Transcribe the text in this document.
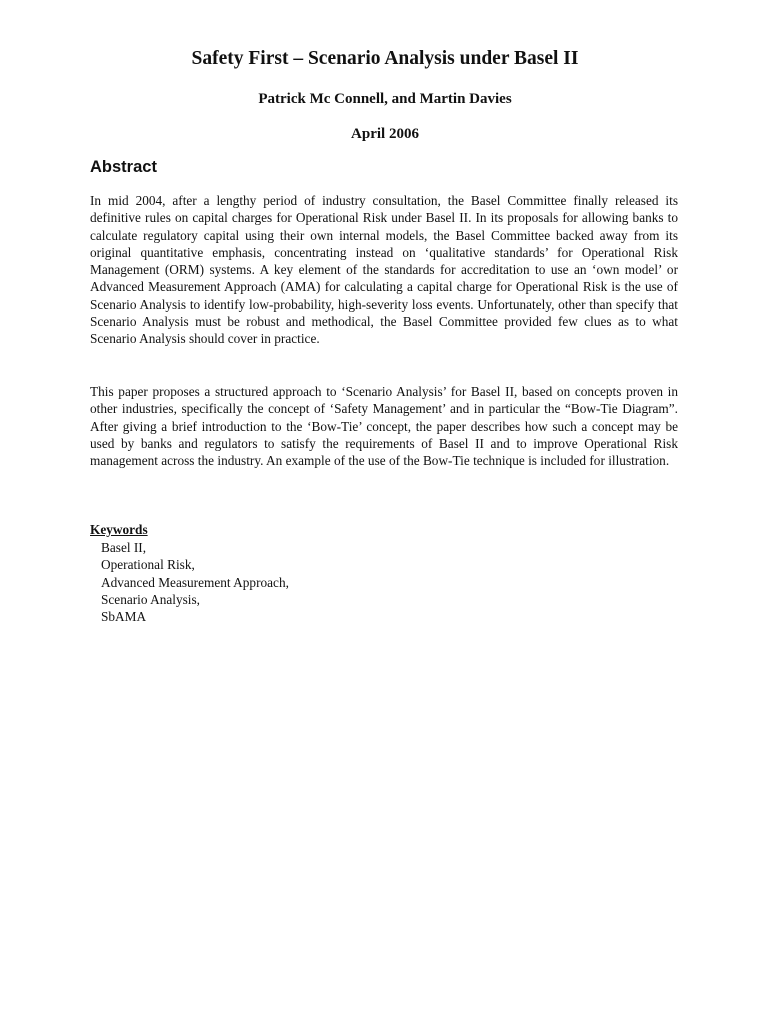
Safety First – Scenario Analysis under Basel II
Patrick Mc Connell, and Martin Davies
April 2006
Abstract

In mid 2004, after a lengthy period of industry consultation, the Basel Committee finally released its definitive rules on capital charges for Operational Risk under Basel II. In its proposals for allowing banks to calculate regulatory capital using their own internal models, the Basel Committee backed away from its original quantitative emphasis, concentrating instead on ‘qualitative standards’ for Operational Risk Management (ORM) systems. A key element of the standards for accreditation to use an ‘own model’ or Advanced Measurement Approach (AMA) for calculating a capital charge for Operational Risk is the use of Scenario Analysis to identify low-probability, high-severity loss events. Unfortunately, other than specify that Scenario Analysis must be robust and methodical, the Basel Committee provided few clues as to what Scenario Analysis should cover in practice.

This paper proposes a structured approach to ‘Scenario Analysis’ for Basel II, based on concepts proven in other industries, specifically the concept of ‘Safety Management’ and in particular the “Bow-Tie Diagram”. After giving a brief introduction to the ‘Bow-Tie’ concept, the paper describes how such a concept may be used by banks and regulators to satisfy the requirements of Basel II and to improve Operational Risk management across the industry. An example of the use of the Bow-Tie technique is included for illustration.

Keywords
Basel II,
Operational Risk,
Advanced Measurement Approach,
Scenario Analysis,
SbAMA
